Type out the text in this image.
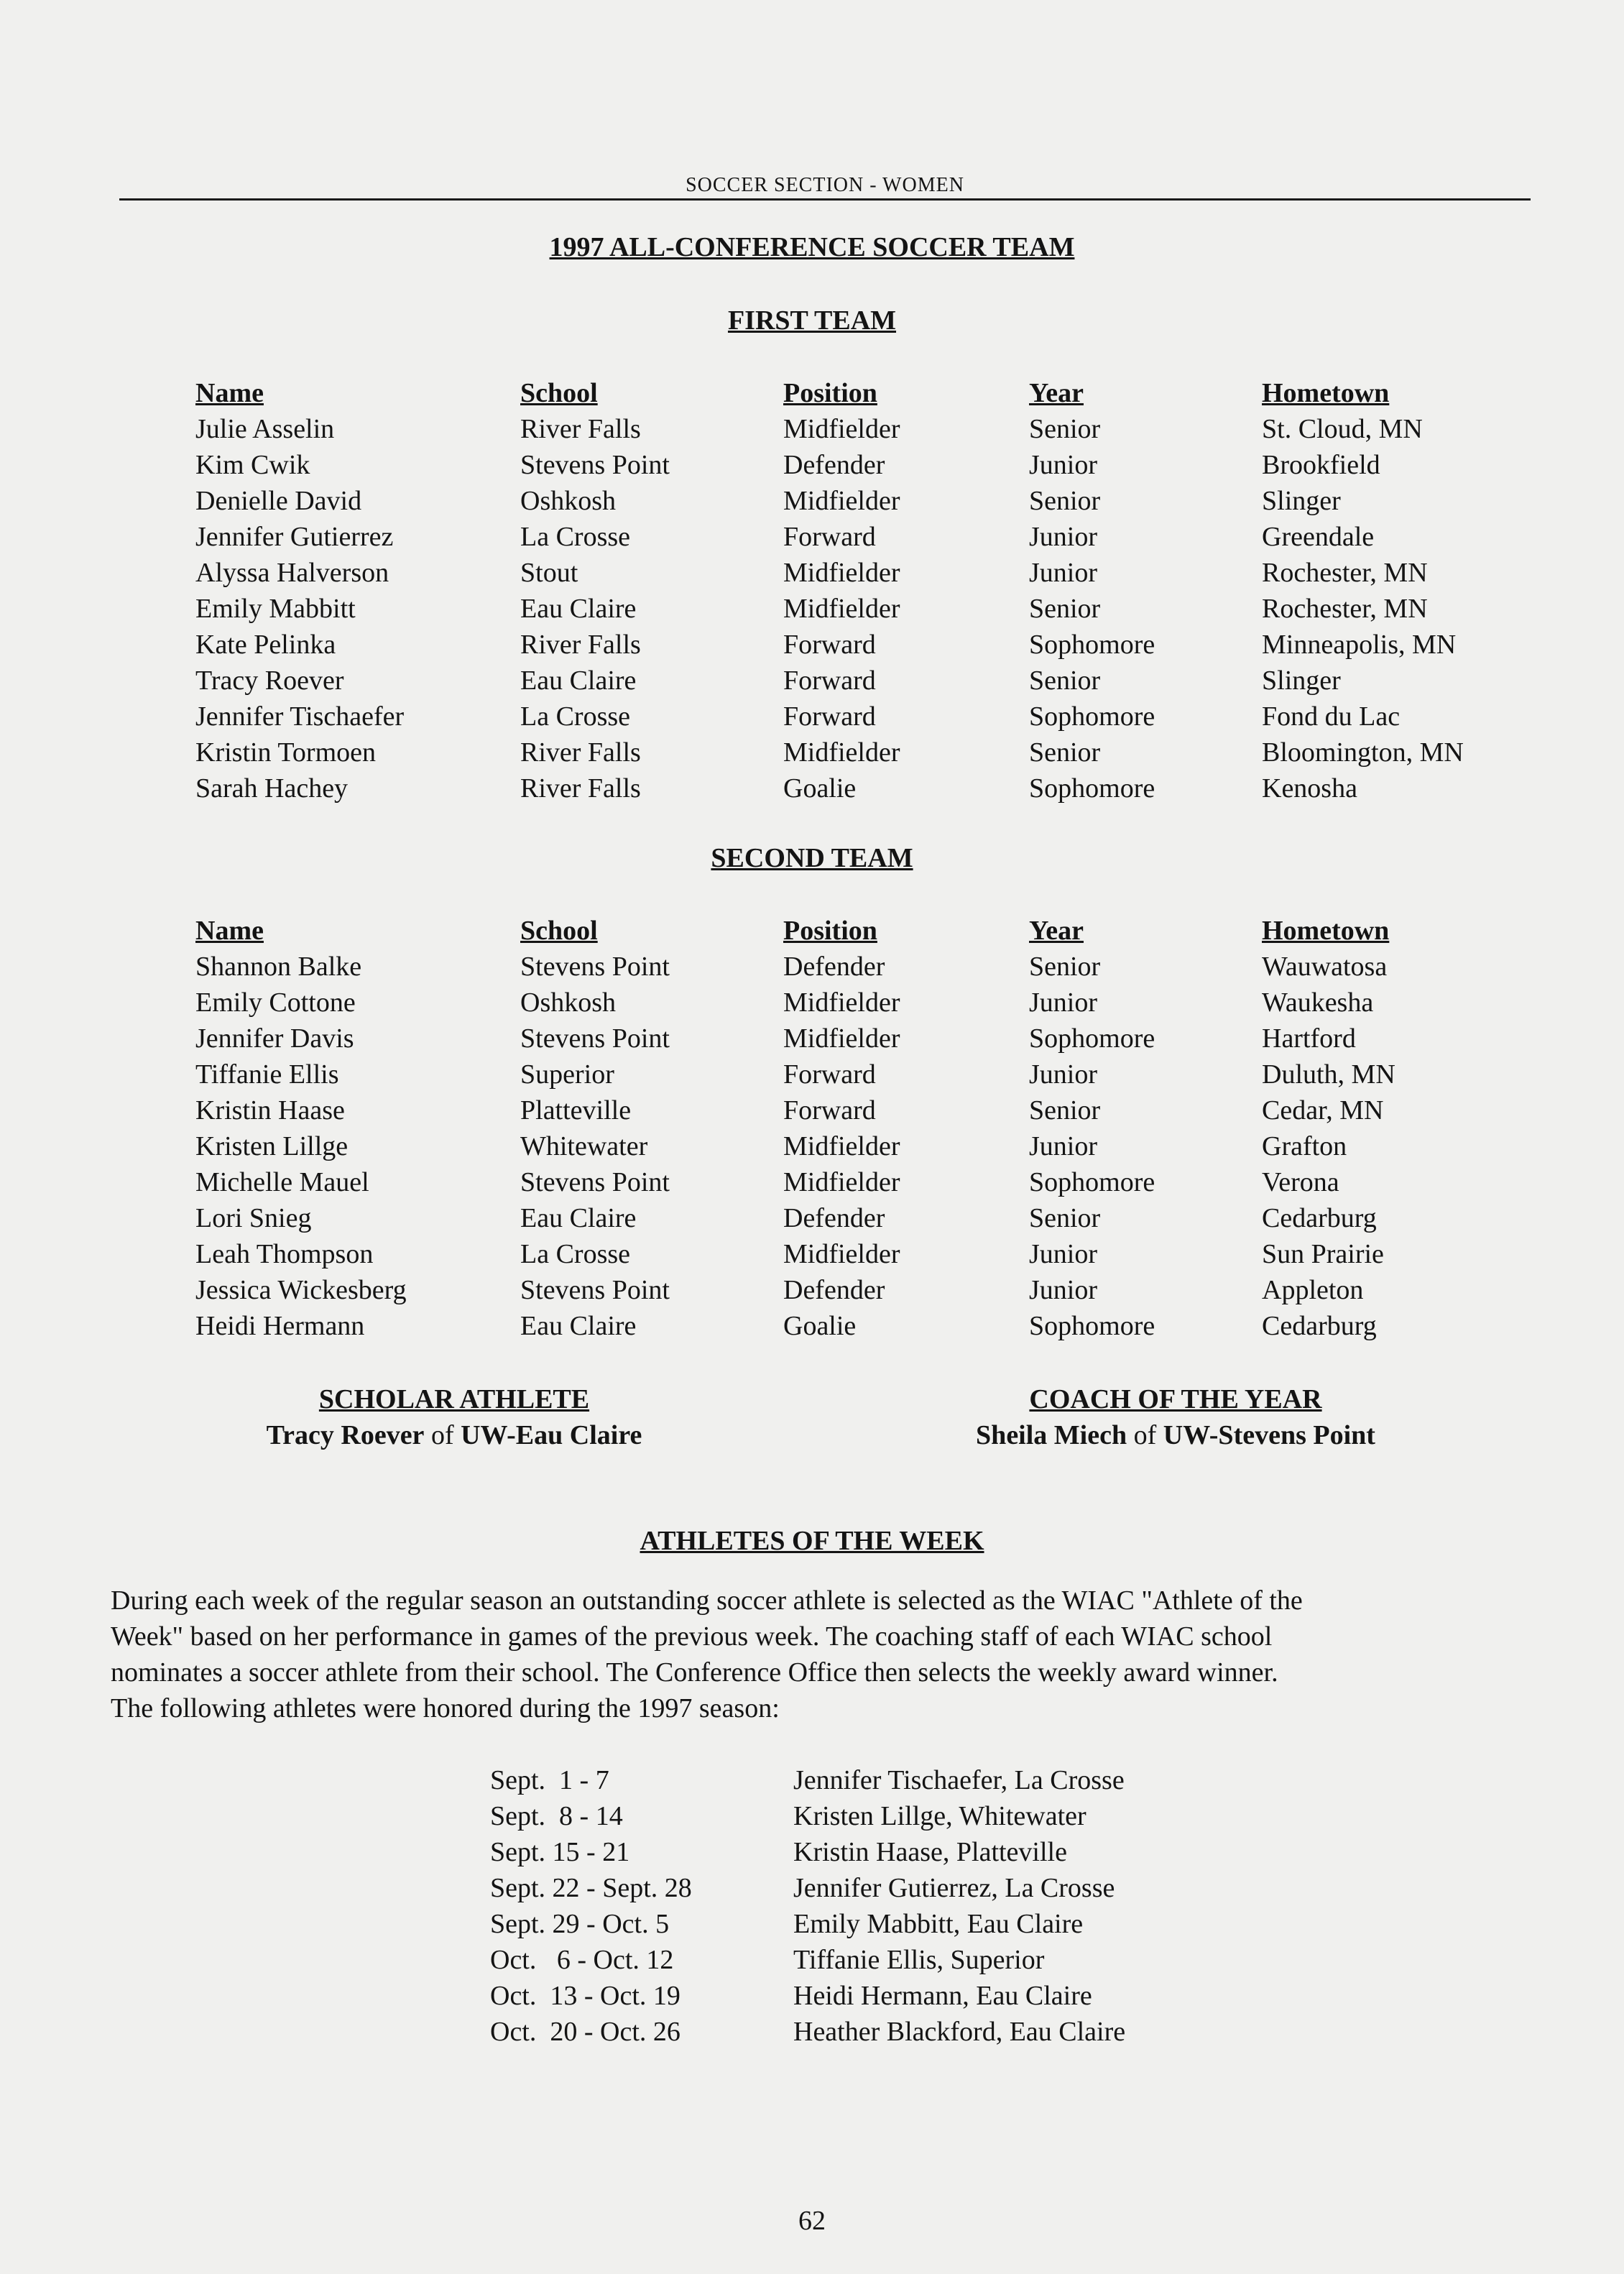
SOCCER SECTION - WOMEN
1997 ALL-CONFERENCE SOCCER TEAM
FIRST TEAM
Name	School	Position	Year	Hometown
Julie Asselin	River Falls	Midfielder	Senior	St. Cloud, MN
Kim Cwik	Stevens Point	Defender	Junior	Brookfield
Denielle David	Oshkosh	Midfielder	Senior	Slinger
Jennifer Gutierrez	La Crosse	Forward	Junior	Greendale
Alyssa Halverson	Stout	Midfielder	Junior	Rochester, MN
Emily Mabbitt	Eau Claire	Midfielder	Senior	Rochester, MN
Kate Pelinka	River Falls	Forward	Sophomore	Minneapolis, MN
Tracy Roever	Eau Claire	Forward	Senior	Slinger
Jennifer Tischaefer	La Crosse	Forward	Sophomore	Fond du Lac
Kristin Tormoen	River Falls	Midfielder	Senior	Bloomington, MN
Sarah Hachey	River Falls	Goalie	Sophomore	Kenosha
SECOND TEAM
Name	School	Position	Year	Hometown
Shannon Balke	Stevens Point	Defender	Senior	Wauwatosa
Emily Cottone	Oshkosh	Midfielder	Junior	Waukesha
Jennifer Davis	Stevens Point	Midfielder	Sophomore	Hartford
Tiffanie Ellis	Superior	Forward	Junior	Duluth, MN
Kristin Haase	Platteville	Forward	Senior	Cedar, MN
Kristen Lillge	Whitewater	Midfielder	Junior	Grafton
Michelle Mauel	Stevens Point	Midfielder	Sophomore	Verona
Lori Snieg	Eau Claire	Defender	Senior	Cedarburg
Leah Thompson	La Crosse	Midfielder	Junior	Sun Prairie
Jessica Wickesberg	Stevens Point	Defender	Junior	Appleton
Heidi Hermann	Eau Claire	Goalie	Sophomore	Cedarburg
SCHOLAR ATHLETE
Tracy Roever of UW-Eau Claire
COACH OF THE YEAR
Sheila Miech of UW-Stevens Point
ATHLETES OF THE WEEK
During each week of the regular season an outstanding soccer athlete is selected as the WIAC "Athlete of the
Week" based on her performance in games of the previous week. The coaching staff of each WIAC school
nominates a soccer athlete from their school. The Conference Office then selects the weekly award winner.
The following athletes were honored during the 1997 season:
Sept.  1 - 7	Jennifer Tischaefer, La Crosse
Sept.  8 - 14	Kristen Lillge, Whitewater
Sept. 15 - 21	Kristin Haase, Platteville
Sept. 22 - Sept. 28	Jennifer Gutierrez, La Crosse
Sept. 29 - Oct. 5	Emily Mabbitt, Eau Claire
Oct.   6 - Oct. 12	Tiffanie Ellis, Superior
Oct.  13 - Oct. 19	Heidi Hermann, Eau Claire
Oct.  20 - Oct. 26	Heather Blackford, Eau Claire
62
